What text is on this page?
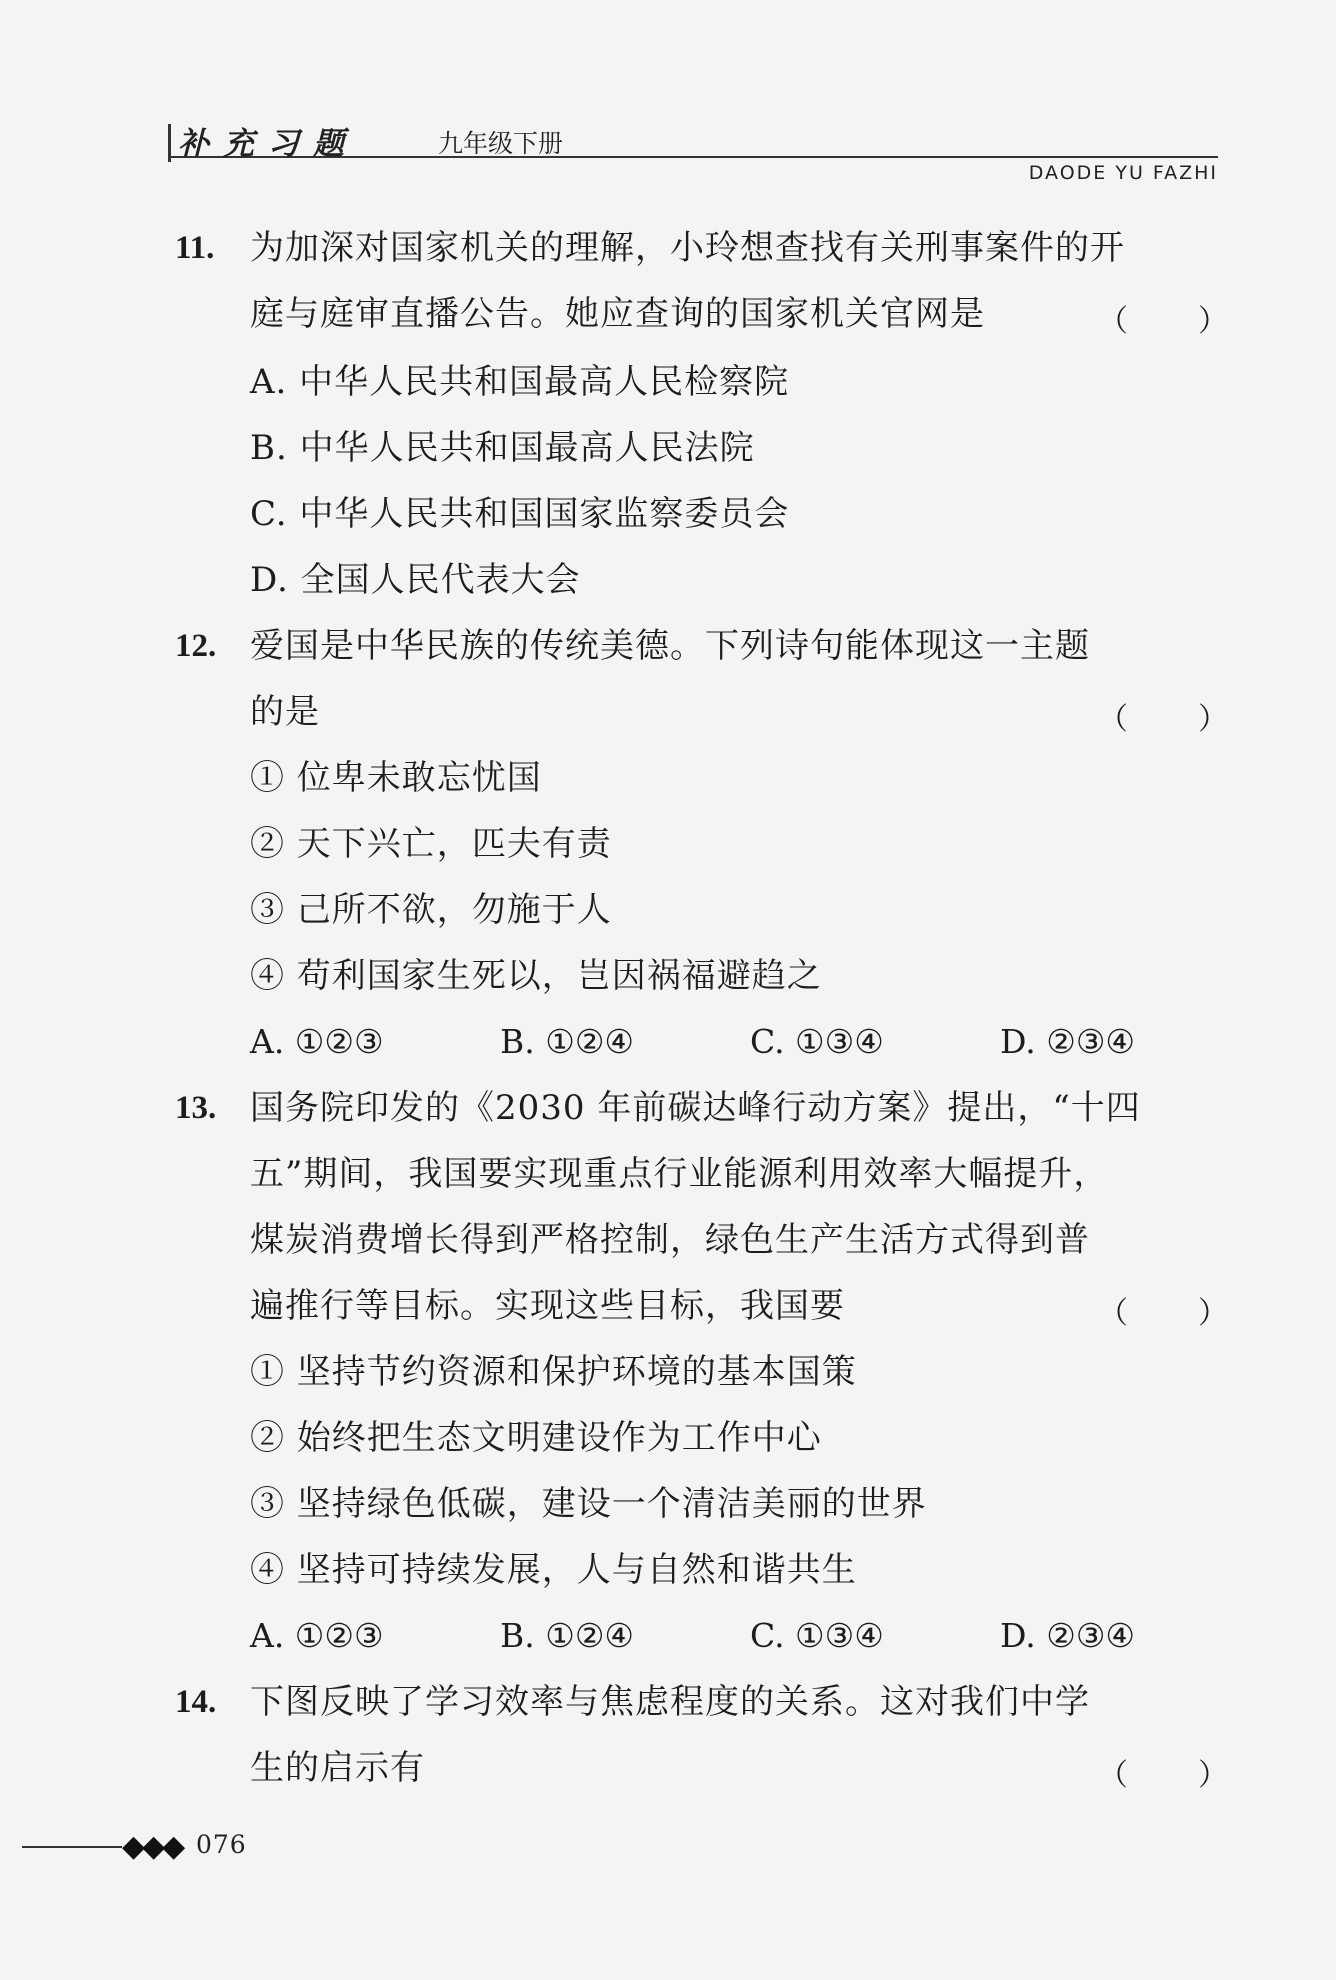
补充习题	九年级下册
DAODE YU FAZHI
11. 为加深对国家机关的理解，小玲想查找有关刑事案件的开
庭与庭审直播公告。她应查询的国家机关官网是	（ ）
A. 中华人民共和国最高人民检察院
B. 中华人民共和国最高人民法院
C. 中华人民共和国国家监察委员会
D. 全国人民代表大会
12. 爱国是中华民族的传统美德。下列诗句能体现这一主题
的是	（ ）
① 位卑未敢忘忧国
② 天下兴亡，匹夫有责
③ 己所不欲，勿施于人
④ 苟利国家生死以，岂因祸福避趋之
A. ①②③	B. ①②④	C. ①③④	D. ②③④
13. 国务院印发的《2030 年前碳达峰行动方案》提出，“十四
五”期间，我国要实现重点行业能源利用效率大幅提升，
煤炭消费增长得到严格控制，绿色生产生活方式得到普
遍推行等目标。实现这些目标，我国要	（ ）
① 坚持节约资源和保护环境的基本国策
② 始终把生态文明建设作为工作中心
③ 坚持绿色低碳，建设一个清洁美丽的世界
④ 坚持可持续发展，人与自然和谐共生
A. ①②③	B. ①②④	C. ①③④	D. ②③④
14. 下图反映了学习效率与焦虑程度的关系。这对我们中学
生的启示有	（ ）
◆◆◆ 076
